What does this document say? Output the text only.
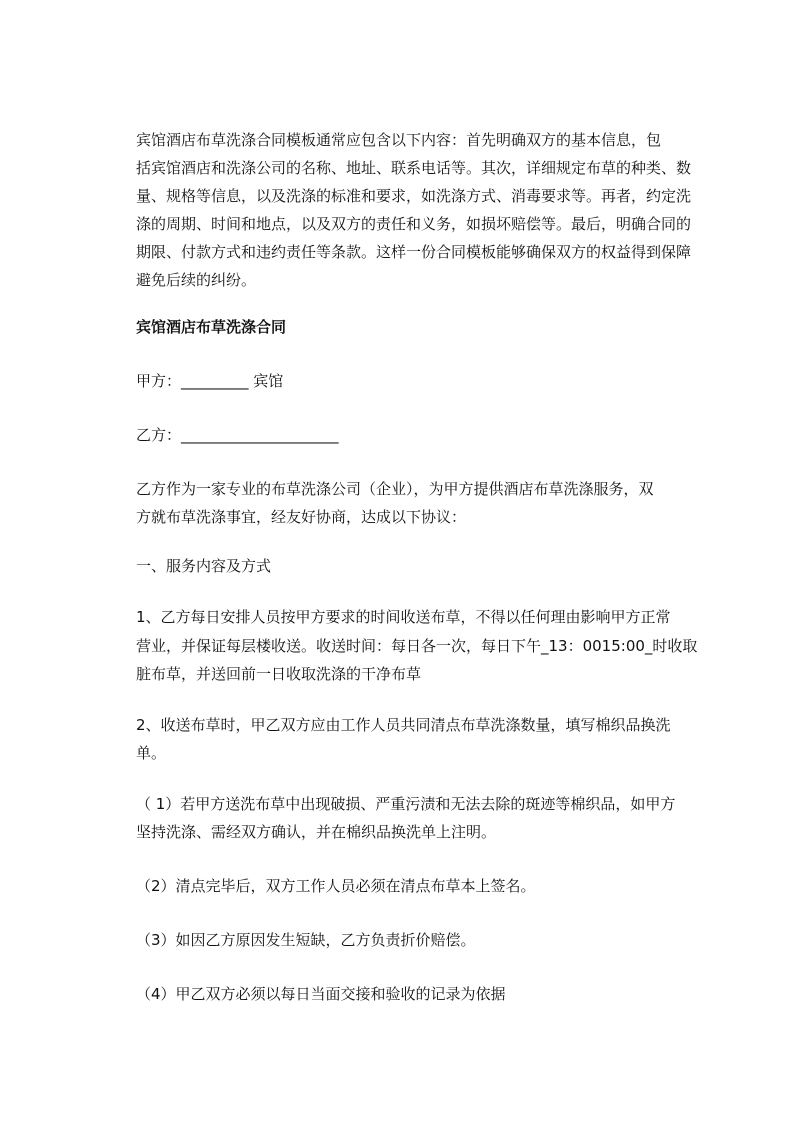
宾馆酒店布草洗涤合同模板通常应包含以下内容：首先明确双方的基本信息，包

括宾馆酒店和洗涤公司的名称、地址、联系电话等。其次，详细规定布草的种类、数

量、规格等信息，以及洗涤的标准和要求，如洗涤方式、消毒要求等。再者，约定洗

涤的周期、时间和地点，以及双方的责任和义务，如损坏赔偿等。最后，明确合同的

期限、付款方式和违约责任等条款。这样一份合同模板能够确保双方的权益得到保障

避免后续的纠纷。

宾馆酒店布草洗涤合同

甲方：_________ 宾馆

乙方：_____________________

乙方作为一家专业的布草洗涤公司（企业），为甲方提供酒店布草洗涤服务，双

方就布草洗涤事宜，经友好协商，达成以下协议：

一、服务内容及方式

1、乙方每日安排人员按甲方要求的时间收送布草，不得以任何理由影响甲方正常

营业，并保证每层楼收送。收送时间：每日各一次，每日下午_13：0015:00_时收取

脏布草，并送回前一日收取洗涤的干净布草

2、收送布草时，甲乙双方应由工作人员共同清点布草洗涤数量，填写棉织品换洗

单。

（ 1）若甲方送洗布草中出现破损、严重污渍和无法去除的斑迹等棉织品，如甲方

坚持洗涤、需经双方确认，并在棉织品换洗单上注明。

（2）清点完毕后，双方工作人员必须在清点布草本上签名。

（3）如因乙方原因发生短缺，乙方负责折价赔偿。

（4）甲乙双方必须以每日当面交接和验收的记录为依据
